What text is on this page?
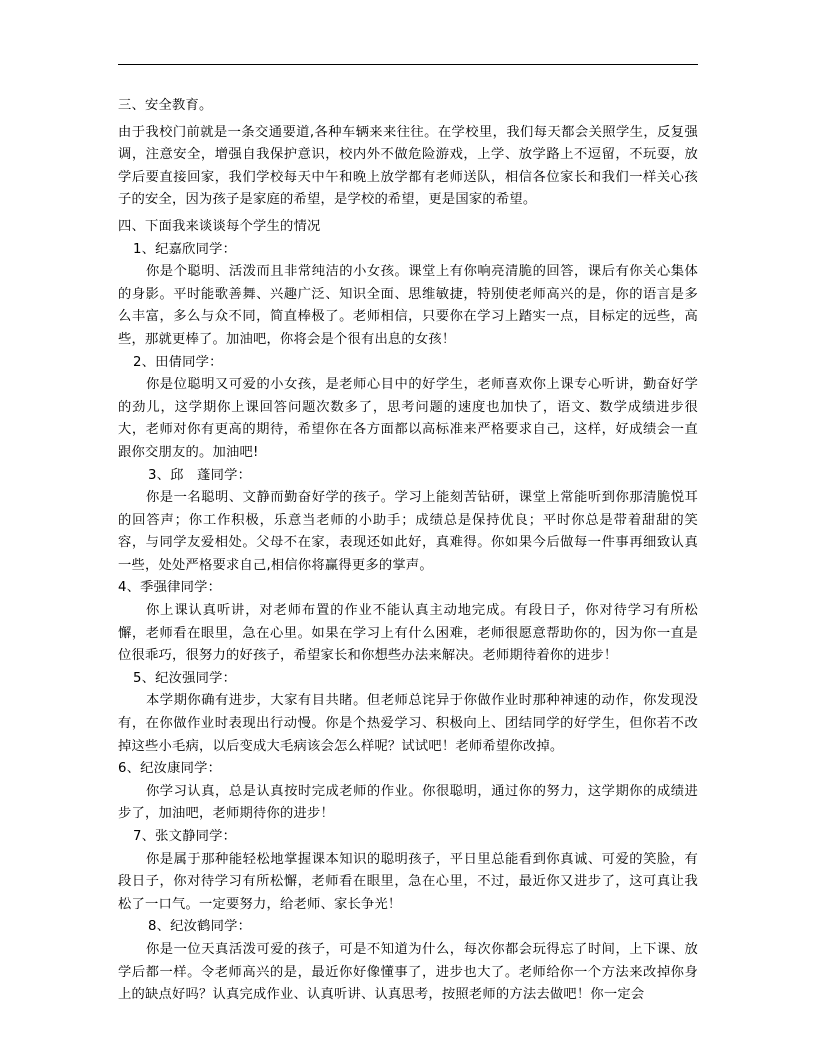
三、安全教育。

由于我校门前就是一条交通要道,各种车辆来来往往。在学校里，我们每天都会关照学生，反复强调，注意安全，增强自我保护意识，校内外不做危险游戏，上学、放学路上不逗留，不玩耍，放学后要直接回家，我们学校每天中午和晚上放学都有老师送队，相信各位家长和我们一样关心孩子的安全，因为孩子是家庭的希望，是学校的希望，更是国家的希望。

四、下面我来谈谈每个学生的情况

1、纪嘉欣同学：

你是个聪明、活泼而且非常纯洁的小女孩。课堂上有你响亮清脆的回答，课后有你关心集体的身影。平时能歌善舞、兴趣广泛、知识全面、思维敏捷，特别使老师高兴的是，你的语言是多么丰富，多么与众不同，简直棒极了。老师相信，只要你在学习上踏实一点，目标定的远些，高些，那就更棒了。加油吧，你将会是个很有出息的女孩！

2、田倩同学：

你是位聪明又可爱的小女孩，是老师心目中的好学生，老师喜欢你上课专心听讲，勤奋好学的劲儿，这学期你上课回答问题次数多了，思考问题的速度也加快了，语文、数学成绩进步很大，老师对你有更高的期待，希望你在各方面都以高标准来严格要求自己，这样，好成绩会一直跟你交朋友的。加油吧!

3、邱　蓬同学：

你是一名聪明、文静而勤奋好学的孩子。学习上能刻苦钻研，课堂上常能听到你那清脆悦耳的回答声；你工作积极，乐意当老师的小助手；成绩总是保持优良；平时你总是带着甜甜的笑容，与同学友爱相处。父母不在家，表现还如此好，真难得。你如果今后做每一件事再细致认真一些，处处严格要求自己,相信你将赢得更多的掌声。

4、季强律同学：

你上课认真听讲，对老师布置的作业不能认真主动地完成。有段日子，你对待学习有所松懈，老师看在眼里，急在心里。如果在学习上有什么困难，老师很愿意帮助你的，因为你一直是位很乖巧，很努力的好孩子，希望家长和你想些办法来解决。老师期待着你的进步！

5、纪汝强同学：

本学期你确有进步，大家有目共睹。但老师总诧异于你做作业时那种神速的动作，你发现没有，在你做作业时表现出行动慢。你是个热爱学习、积极向上、团结同学的好学生，但你若不改掉这些小毛病，以后变成大毛病该会怎么样呢？试试吧！老师希望你改掉。

6、纪汝康同学：

你学习认真，总是认真按时完成老师的作业。你很聪明，通过你的努力，这学期你的成绩进步了，加油吧，老师期待你的进步！

7、张文静同学：

你是属于那种能轻松地掌握课本知识的聪明孩子，平日里总能看到你真诚、可爱的笑脸，有段日子，你对待学习有所松懈，老师看在眼里，急在心里，不过，最近你又进步了，这可真让我松了一口气。一定要努力，给老师、家长争光！

8、纪汝鹤同学：

你是一位天真活泼可爱的孩子，可是不知道为什么，每次你都会玩得忘了时间，上下课、放学后都一样。令老师高兴的是，最近你好像懂事了，进步也大了。老师给你一个方法来改掉你身上的缺点好吗？认真完成作业、认真听讲、认真思考，按照老师的方法去做吧！你一定会
